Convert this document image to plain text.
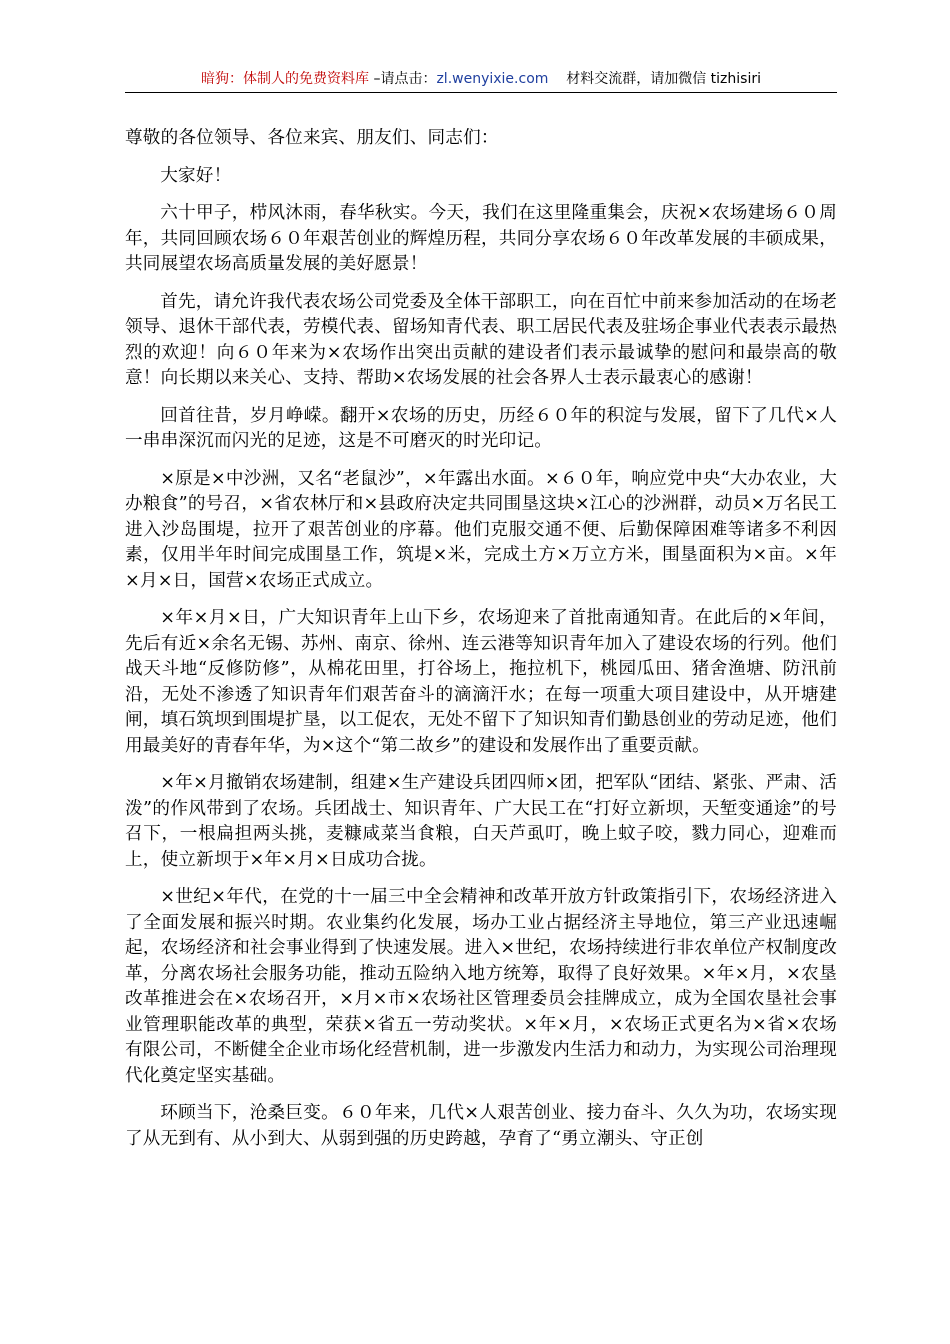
暗狗：体制人的免费资料库 –请点击：zl.wenyixie.com 材料交流群，请加微信 tizhisiri

尊敬的各位领导、各位来宾、朋友们、同志们：

大家好！

六十甲子，栉风沐雨，春华秋实。今天，我们在这里隆重集会，庆祝×农场建场６０周年，共同回顾农场６０年艰苦创业的辉煌历程，共同分享农场６０年改革发展的丰硕成果，共同展望农场高质量发展的美好愿景！

首先，请允许我代表农场公司党委及全体干部职工，向在百忙中前来参加活动的在场老领导、退休干部代表，劳模代表、留场知青代表、职工居民代表及驻场企事业代表表示最热烈的欢迎！向６０年来为×农场作出突出贡献的建设者们表示最诚挚的慰问和最崇高的敬意！向长期以来关心、支持、帮助×农场发展的社会各界人士表示最衷心的感谢！

回首往昔，岁月峥嵘。翻开×农场的历史，历经６０年的积淀与发展，留下了几代×人一串串深沉而闪光的足迹，这是不可磨灭的时光印记。

×原是×中沙洲，又名“老鼠沙”，×年露出水面。×６０年，响应党中央“大办农业，大办粮食”的号召，×省农林厅和×县政府决定共同围垦这块×江心的沙洲群，动员×万名民工进入沙岛围堤，拉开了艰苦创业的序幕。他们克服交通不便、后勤保障困难等诸多不利因素，仅用半年时间完成围垦工作，筑堤×米，完成土方×万立方米，围垦面积为×亩。×年×月×日，国营×农场正式成立。

×年×月×日，广大知识青年上山下乡，农场迎来了首批南通知青。在此后的×年间，先后有近×余名无锡、苏州、南京、徐州、连云港等知识青年加入了建设农场的行列。他们战天斗地“反修防修”，从棉花田里，打谷场上，拖拉机下，桃园瓜田、猪舍渔塘、防汛前沿，无处不渗透了知识青年们艰苦奋斗的滴滴汗水；在每一项重大项目建设中，从开塘建闸，填石筑坝到围堤扩垦，以工促农，无处不留下了知识知青们勤恳创业的劳动足迹，他们用最美好的青春年华，为×这个“第二故乡”的建设和发展作出了重要贡献。

×年×月撤销农场建制，组建×生产建设兵团四师×团，把军队“团结、紧张、严肃、活泼”的作风带到了农场。兵团战士、知识青年、广大民工在“打好立新坝，天堑变通途”的号召下，一根扁担两头挑，麦糠咸菜当食粮，白天芦虱叮，晚上蚊子咬，戮力同心，迎难而上，使立新坝于×年×月×日成功合拢。

×世纪×年代，在党的十一届三中全会精神和改革开放方针政策指引下，农场经济进入了全面发展和振兴时期。农业集约化发展，场办工业占据经济主导地位，第三产业迅速崛起，农场经济和社会事业得到了快速发展。进入×世纪，农场持续进行非农单位产权制度改革，分离农场社会服务功能，推动五险纳入地方统筹，取得了良好效果。×年×月，×农垦改革推进会在×农场召开，×月×市×农场社区管理委员会挂牌成立，成为全国农垦社会事业管理职能改革的典型，荣获×省五一劳动奖状。×年×月，×农场正式更名为×省×农场有限公司，不断健全企业市场化经营机制，进一步激发内生活力和动力，为实现公司治理现代化奠定坚实基础。

环顾当下，沧桑巨变。６０年来，几代×人艰苦创业、接力奋斗、久久为功，农场实现了从无到有、从小到大、从弱到强的历史跨越，孕育了“勇立潮头、守正创
